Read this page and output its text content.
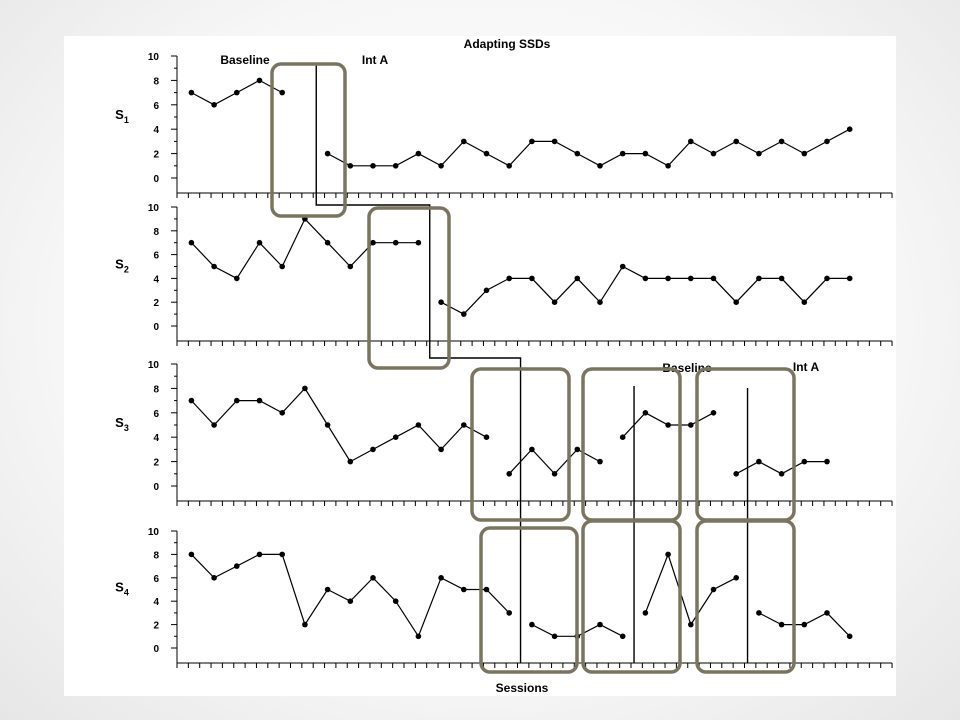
Adapting SSDs
Baseline	Int A
Baseline	Int A
Sessions
0
2
4
6
8
10
$S_1$
0
2
4
6
8
10
$S_2$
0
2
4
6
8
10
$S_3$
0
2
4
6
8
10
$S_4$
